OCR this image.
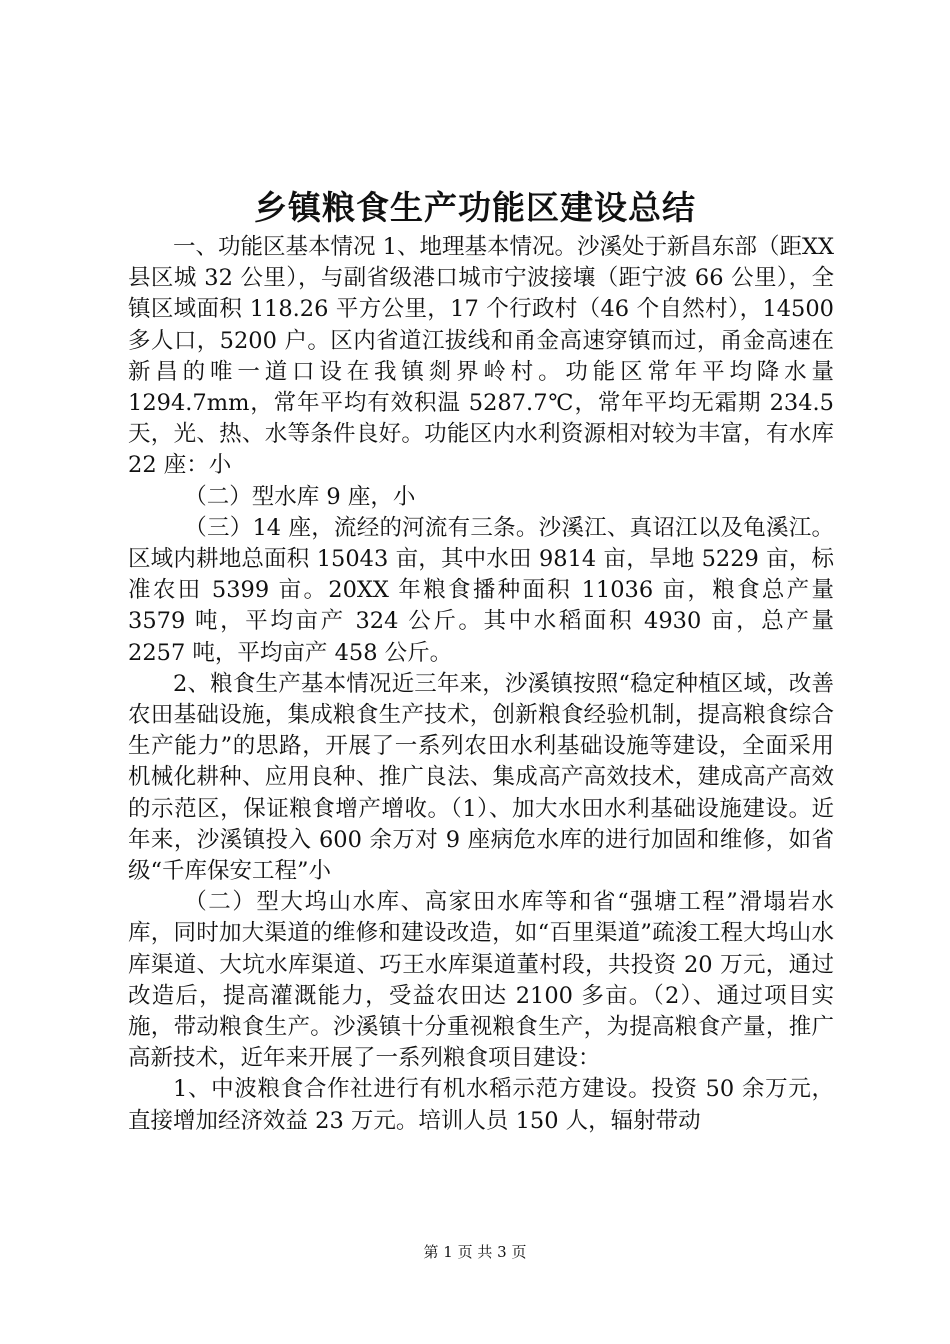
乡镇粮食生产功能区建设总结

一、功能区基本情况 1、地理基本情况。沙溪处于新昌东部（距XX县区城 32 公里），与副省级港口城市宁波接壤（距宁波 66 公里），全镇区域面积 118.26 平方公里，17 个行政村（46 个自然村），14500 多人口，5200 户。区内省道江拔线和甬金高速穿镇而过，甬金高速在新昌的唯一道口设在我镇剡界岭村。功能区常年平均降水量 1294.7mm，常年平均有效积温 5287.7℃，常年平均无霜期 234.5 天，光、热、水等条件良好。功能区内水利资源相对较为丰富，有水库 22 座：小

（二）型水库 9 座，小

（三）14 座，流经的河流有三条。沙溪江、真诏江以及龟溪江。区域内耕地总面积 15043 亩，其中水田 9814 亩，旱地 5229 亩，标准农田 5399 亩。20XX 年粮食播种面积 11036 亩，粮食总产量 3579 吨，平均亩产 324 公斤。其中水稻面积 4930 亩，总产量 2257 吨，平均亩产 458 公斤。

2、粮食生产基本情况近三年来，沙溪镇按照“稳定种植区域，改善农田基础设施，集成粮食生产技术，创新粮食经验机制，提高粮食综合生产能力”的思路，开展了一系列农田水利基础设施等建设，全面采用机械化耕种、应用良种、推广良法、集成高产高效技术，建成高产高效的示范区，保证粮食增产增收。（1）、加大水田水利基础设施建设。近年来，沙溪镇投入 600 余万对 9 座病危水库的进行加固和维修，如省级“千库保安工程”小

（二）型大坞山水库、高家田水库等和省“强塘工程”滑塌岩水库，同时加大渠道的维修和建设改造，如“百里渠道”疏浚工程大坞山水库渠道、大坑水库渠道、巧王水库渠道董村段，共投资 20 万元，通过改造后，提高灌溉能力，受益农田达 2100 多亩。（2）、通过项目实施，带动粮食生产。沙溪镇十分重视粮食生产，为提高粮食产量，推广高新技术，近年来开展了一系列粮食项目建设：

1、中波粮食合作社进行有机水稻示范方建设。投资 50 余万元，直接增加经济效益 23 万元。培训人员 150 人，辐射带动

第 1 页 共 3 页
